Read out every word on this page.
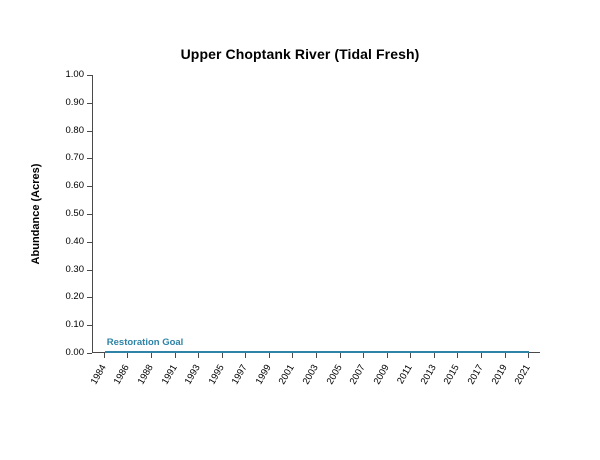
Upper Choptank River (Tidal Fresh)
Abundance (Acres)
1.00
0.90
0.80
0.70
0.60
0.50
0.40
0.30
0.20
0.10
0.00
Restoration Goal
1984 1986 1988 1991 1993 1995 1997 1999 2001 2003 2005 2007 2009 2011 2013 2015 2017 2019 2021
